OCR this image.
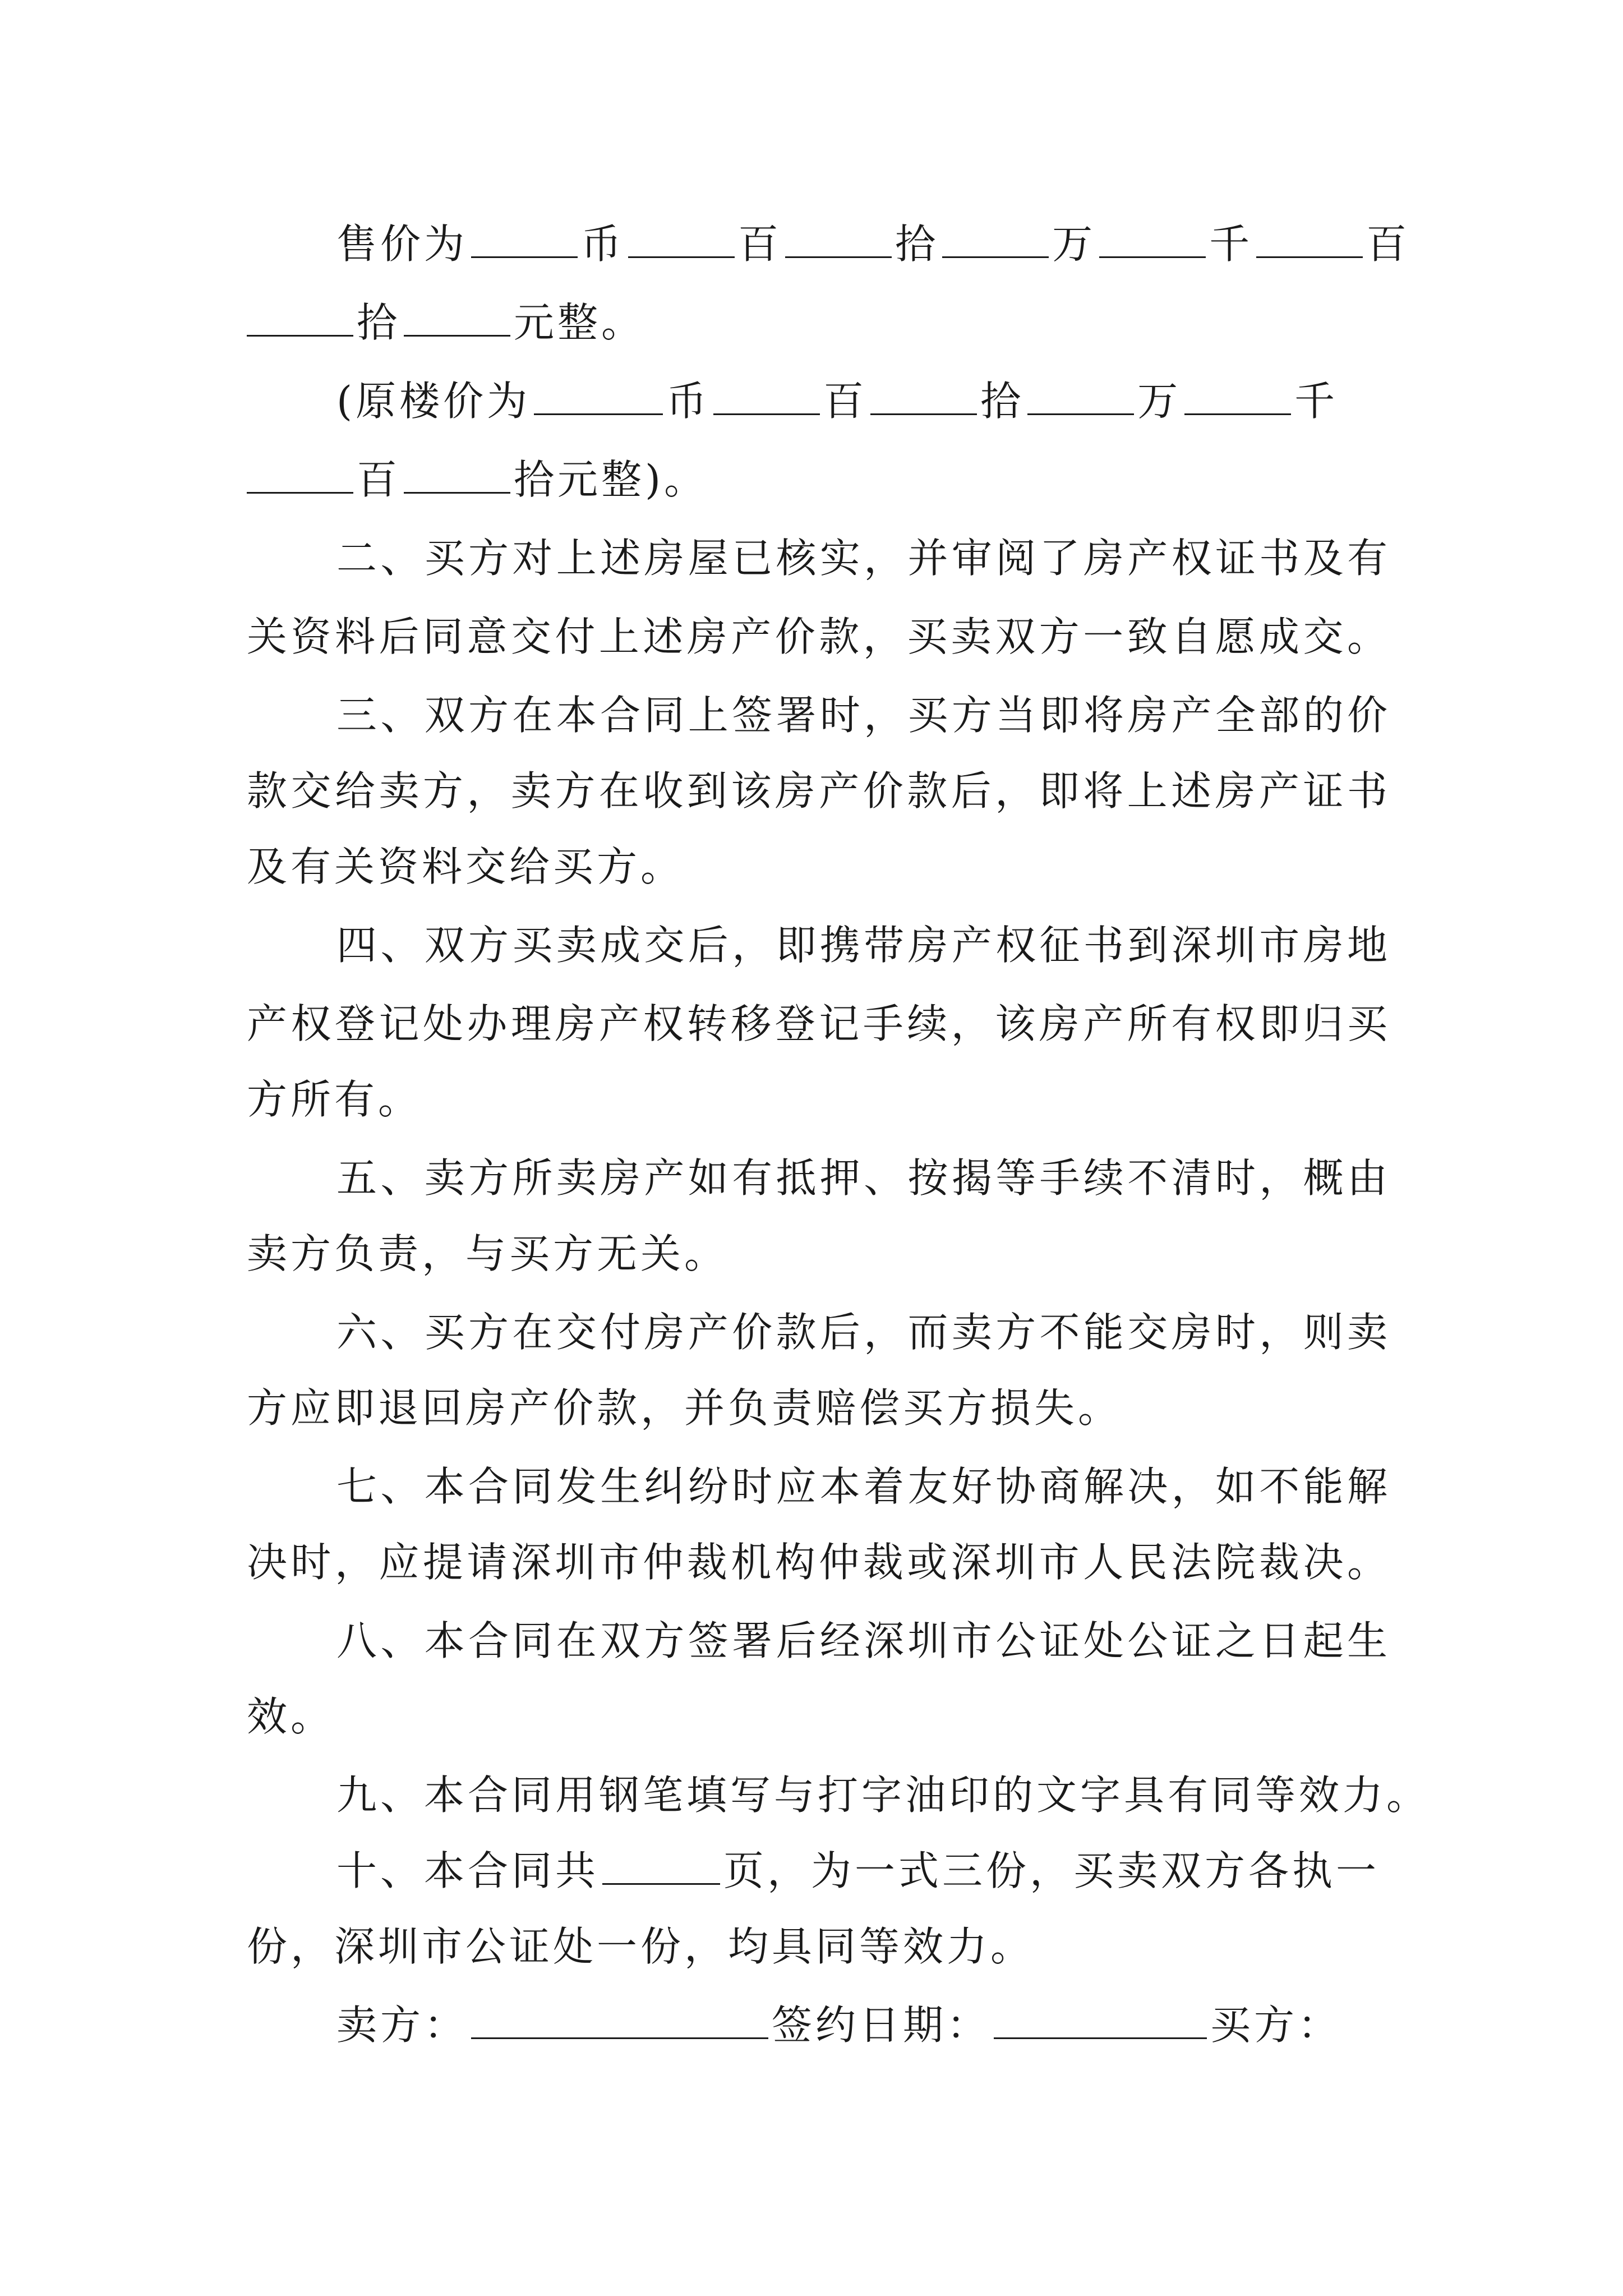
售价为	币	百	拾	万	千	百
拾	元整。
(原楼价为	币	百	拾	万	千
百	拾元整)。
二、买方对上述房屋已核实，并审阅了房产权证书及有
关资料后同意交付上述房产价款，买卖双方一致自愿成交。
三、双方在本合同上签署时，买方当即将房产全部的价
款交给卖方，卖方在收到该房产价款后，即将上述房产证书
及有关资料交给买方。
四、双方买卖成交后，即携带房产权征书到深圳市房地
产权登记处办理房产权转移登记手续，该房产所有权即归买
方所有。
五、卖方所卖房产如有抵押、按揭等手续不清时，概由
卖方负责，与买方无关。
六、买方在交付房产价款后，而卖方不能交房时，则卖
方应即退回房产价款，并负责赔偿买方损失。
七、本合同发生纠纷时应本着友好协商解决，如不能解
决时，应提请深圳市仲裁机构仲裁或深圳市人民法院裁决。
八、本合同在双方签署后经深圳市公证处公证之日起生
效。
九、本合同用钢笔填写与打字油印的文字具有同等效力。
十、本合同共	页，为一式三份，买卖双方各执一
份，深圳市公证处一份，均具同等效力。
卖方：	签约日期：	买方：
